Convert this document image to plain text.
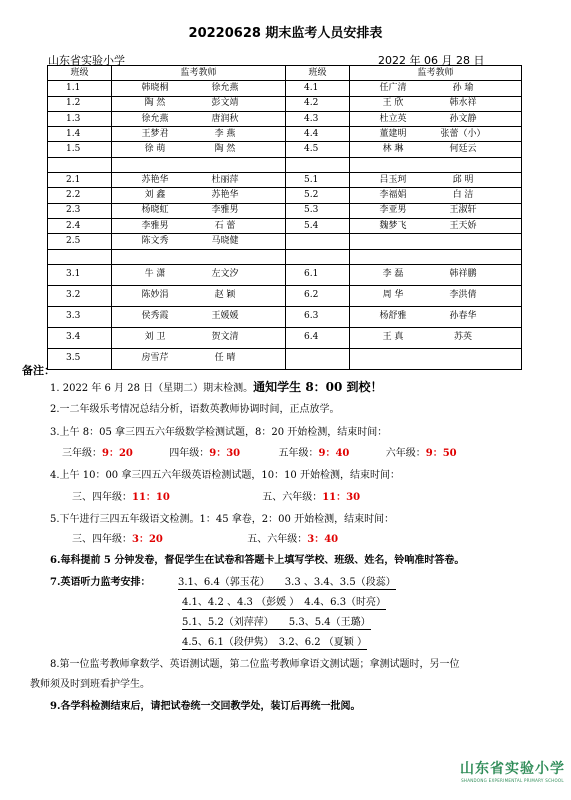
20220628 期末监考人员安排表
山东省实验小学	2022 年 06 月 28 日
班级	监考教师	班级	监考教师
1.1	韩晓桐 徐允燕	4.1	任广清 孙 瑜
1.2	陶 然 彭文靖	4.2	王 欣 韩水祥
1.3	徐允燕 唐润秋	4.3	杜立英 孙文静
1.4	王梦君 李 燕	4.4	董建明 张蕾（小）
1.5	徐 萌 陶 然	4.5	林 琳 何廷云

2.1	苏艳华 杜丽萍	5.1	吕玉珂 邱 明
2.2	刘 鑫 苏艳华	5.2	李福娟 白 洁
2.3	杨晓虹 李雅男	5.3	李亚男 王淑轩
2.4	李雅男 石 蕾	5.4	魏梦飞 王天娇
2.5	陈文秀 马晓健		

3.1	牛 潇 左文汐	6.1	李 磊 韩祥鹏
3.2	陈妙涓 赵 颖	6.2	周 华 李洪倩
3.3	侯秀霞 王媛媛	6.3	杨舒雅 孙春华
3.4	刘 卫 贺文清	6.4	王 真 苏英
3.5	房雪芹 任 晴		
备注：
1. 2022 年 6 月 28 日（星期二）期末检测。通知学生 8：00 到校！
2.一二年级乐考情况总结分析，语数英教师协调时间，正点放学。
3.上午 8：05 拿三四五六年级数学检测试题，8：20 开始检测，结束时间：
三年级：9：20	四年级：9：30	五年级：9：40	六年级：9：50
4.上午 10：00 拿三四五六年级英语检测试题，10：10 开始检测，结束时间：
三、四年级：11：10	五、六年级：11：30
5.下午进行三四五年级语文检测。1：45 拿卷，2：00 开始检测，结束时间：
三、四年级：3：20	五、六年级：3：40
6.每科提前 5 分钟发卷，督促学生在试卷和答题卡上填写学校、班级、姓名，铃响准时答卷。
7.英语听力监考安排：	3.1、6.4（郭玉花）　　3.3 、3.4、3.5（段蕊）
4.1、4.2 、4.3 （彭媛 ）　4.4、6.3（时亮）
5.1、5.2（刘萍萍）　　5.3、5.4（王璐）
4.5、6.1（段伊隽）　3.2、6.2 （夏颖 ）
8.第一位监考教师拿数学、英语测试题，第二位监考教师拿语文测试题；拿测试题时，另一位
教师须及时到班看护学生。
9.各学科检测结束后，请把试卷统一交回教学处，装订后再统一批阅。
山东省实验小学
SHANDONG EXPERIMENTAL PRIMARY SCHOOL
